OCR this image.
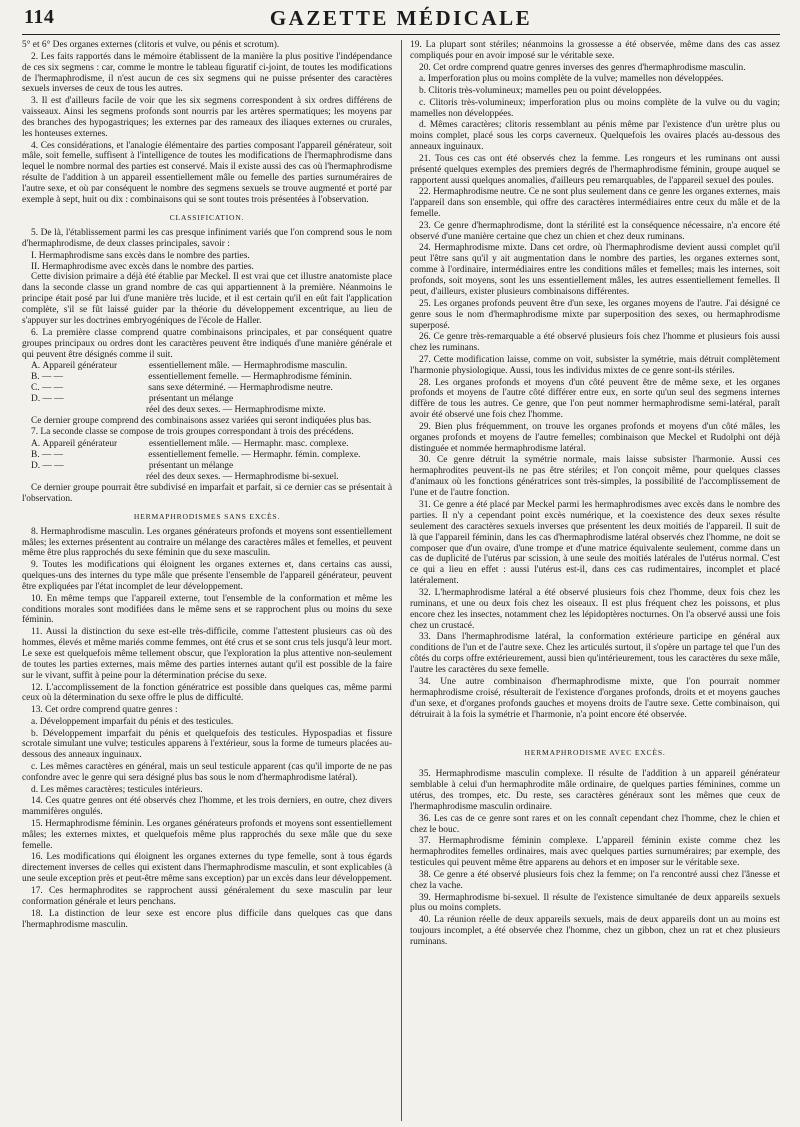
114	GAZETTE MÉDICALE

5° et 6° Des organes externes (clitoris et vulve, ou pénis et scrotum).

2. Les faits rapportés dans le mémoire établissent de la manière la plus positive l'indépendance de ces six segmens : car, comme le montre le tableau figuratif ci-joint, de toutes les modifications de l'hermaphrodisme, il n'est aucun de ces six segmens qui ne puisse présenter des caractères sexuels inverses de ceux de tous les autres.

3. Il est d'ailleurs facile de voir que les six segmens correspondent à six ordres différens de vaisseaux. Ainsi les segmens profonds sont nourris par les artères spermatiques; les moyens par des branches des hypogastriques; les externes par des rameaux des iliaques externes ou crurales, les honteuses externes.

4. Ces considérations, et l'analogie élémentaire des parties composant l'appareil générateur, soit mâle, soit femelle, suffisent à l'intelligence de toutes les modifications de l'hermaphrodisme dans lequel le nombre normal des parties est conservé. Mais il existe aussi des cas où l'hermaphrodisme résulte de l'addition à un appareil essentiellement mâle ou femelle des parties surnuméraires de l'autre sexe, et où par conséquent le nombre des segmens sexuels se trouve augmenté et porté par exemple à sept, huit ou dix : combinaisons qui se sont toutes trois présentées à l'observation.

CLASSIFICATION.

5. De là, l'établissement parmi les cas presque infiniment variés que l'on comprend sous le nom d'hermaphrodisme, de deux classes principales, savoir :

I. Hermaphrodisme sans excès dans le nombre des parties.

II. Hermaphrodisme avec excès dans le nombre des parties.

Cette division primaire a déjà été établie par Meckel. Il est vrai que cet illustre anatomiste place dans la seconde classe un grand nombre de cas qui appartiennent à la première. Néanmoins le principe était posé par lui d'une manière très lucide, et il est certain qu'il en eût fait l'application complète, s'il se fût laissé guider par la théorie du développement excentrique, au lieu de s'appuyer sur les doctrines embryogéniques de l'école de Haller.

6. La première classe comprend quatre combinaisons principales, et par conséquent quatre groupes principaux ou ordres dont les caractères peuvent être indiqués d'une manière générale et qui peuvent être désignés comme il suit.

A. Appareil générateur	essentiellement mâle. — Hermaphrodisme masculin.
B. — —	essentiellement femelle. — Hermaphrodisme féminin.
C. — —	sans sexe déterminé. — Hermaphrodisme neutre.
D. — —	présentant un mélange
réel des deux sexes. — Hermaphrodisme mixte.

Ce dernier groupe comprend des combinaisons assez variées qui seront indiquées plus bas.

7. La seconde classe se compose de trois groupes correspondant à trois des précédens.

A. Appareil générateur	essentiellement mâle. — Hermaphr. masc. complexe.
B. — —	essentiellement femelle. — Hermaphr. fémin. complexe.
D. — —	présentant un mélange
réel des deux sexes. — Hermaphrodisme bi-sexuel.

Ce dernier groupe pourrait être subdivisé en imparfait et parfait, si ce dernier cas se présentait à l'observation.

HERMAPHRODISMES SANS EXCÈS.

8. Hermaphrodisme masculin. Les organes générateurs profonds et moyens sont essentiellement mâles; les externes présentent au contraire un mélange des caractères mâles et femelles, et peuvent même être plus rapprochés du sexe féminin que du sexe masculin.

9. Toutes les modifications qui éloignent les organes externes et, dans certains cas aussi, quelques-uns des internes du type mâle que présente l'ensemble de l'appareil générateur, peuvent être expliquées par l'état incomplet de leur développement.

10. En même temps que l'appareil externe, tout l'ensemble de la conformation et même les conditions morales sont modifiées dans le même sens et se rapprochent plus ou moins du sexe féminin.

11. Aussi la distinction du sexe est-elle très-difficile, comme l'attestent plusieurs cas où des hommes, élevés et même mariés comme femmes, ont été crus et se sont crus tels jusqu'à leur mort. Le sexe est quelquefois même tellement obscur, que l'exploration la plus attentive non-seulement de toutes les parties externes, mais même des parties internes autant qu'il est possible de la faire sur le vivant, suffit à peine pour la détermination précise du sexe.

12. L'accomplissement de la fonction génératrice est possible dans quelques cas, même parmi ceux où la détermination du sexe offre le plus de difficulté.

13. Cet ordre comprend quatre genres :

a. Développement imparfait du pénis et des testicules.

b. Développement imparfait du pénis et quelquefois des testicules. Hypospadias et fissure scrotale simulant une vulve; testicules apparens à l'extérieur, sous la forme de tumeurs placées au-dessous des anneaux inguinaux.

c. Les mêmes caractères en général, mais un seul testicule apparent (cas qu'il importe de ne pas confondre avec le genre qui sera désigné plus bas sous le nom d'hermaphrodisme latéral).

d. Les mêmes caractères; testicules intérieurs.

14. Ces quatre genres ont été observés chez l'homme, et les trois derniers, en outre, chez divers mammifères ongulés.

15. Hermaphrodisme féminin. Les organes générateurs profonds et moyens sont essentiellement mâles; les externes mixtes, et quelquefois même plus rapprochés du sexe mâle que du sexe femelle.

16. Les modifications qui éloignent les organes externes du type femelle, sont à tous égards directement inverses de celles qui existent dans l'hermaphrodisme masculin, et sont explicables (à une seule exception près et peut-être même sans exception) par un excès dans leur développement.

17. Ces hermaphrodites se rapprochent aussi généralement du sexe masculin par leur conformation générale et leurs penchans.

18. La distinction de leur sexe est encore plus difficile dans quelques cas que dans l'hermaphrodisme masculin.

19. La plupart sont stériles; néanmoins la grossesse a été observée, même dans des cas assez compliqués pour en avoir imposé sur le véritable sexe.

20. Cet ordre comprend quatre genres inverses des genres d'hermaphrodisme masculin.

a. Imperforation plus ou moins complète de la vulve; mamelles non développées.

b. Clitoris très-volumineux; mamelles peu ou point développées.

c. Clitoris très-volumineux; imperforation plus ou moins complète de la vulve ou du vagin; mamelles non développées.

d. Mêmes caractères; clitoris ressemblant au pénis même par l'existence d'un urètre plus ou moins complet, placé sous les corps caverneux. Quelquefois les ovaires placés au-dessous des anneaux inguinaux.

21. Tous ces cas ont été observés chez la femme. Les rongeurs et les ruminans ont aussi présenté quelques exemples des premiers degrés de l'hermaphrodisme féminin, groupe auquel se rapportent aussi quelques anomalies, d'ailleurs peu remarquables, de l'appareil sexuel des poules.

22. Hermaphrodisme neutre. Ce ne sont plus seulement dans ce genre les organes externes, mais l'appareil dans son ensemble, qui offre des caractères intermédiaires entre ceux du mâle et de la femelle.

23. Ce genre d'hermaphrodisme, dont la stérilité est la conséquence nécessaire, n'a encore été observé d'une manière certaine que chez un chien et chez deux ruminans.

24. Hermaphrodisme mixte. Dans cet ordre, où l'hermaphrodisme devient aussi complet qu'il peut l'être sans qu'il y ait augmentation dans le nombre des parties, les organes externes sont, comme à l'ordinaire, intermédiaires entre les conditions mâles et femelles; mais les internes, soit profonds, soit moyens, sont les uns essentiellement mâles, les autres essentiellement femelles. Il peut, d'ailleurs, exister plusieurs combinaisons différentes.

25. Les organes profonds peuvent être d'un sexe, les organes moyens de l'autre. J'ai désigné ce genre sous le nom d'hermaphrodisme mixte par superposition des sexes, ou hermaphrodisme superposé.

26. Ce genre très-remarquable a été observé plusieurs fois chez l'homme et plusieurs fois aussi chez les ruminans.

27. Cette modification laisse, comme on voit, subsister la symétrie, mais détruit complètement l'harmonie physiologique. Aussi, tous les individus mixtes de ce genre sont-ils stériles.

28. Les organes profonds et moyens d'un côté peuvent être de même sexe, et les organes profonds et moyens de l'autre côté différer entre eux, en sorte qu'un seul des segmens internes diffère de tous les autres. Ce genre, que l'on peut nommer hermaphrodisme semi-latéral, paraît avoir été observé une fois chez l'homme.

29. Bien plus fréquemment, on trouve les organes profonds et moyens d'un côté mâles, les organes profonds et moyens de l'autre femelles; combinaison que Meckel et Rudolphi ont déjà distinguée et nommée hermaphrodisme latéral.

30. Ce genre détruit la symétrie normale, mais laisse subsister l'harmonie. Aussi ces hermaphrodites peuvent-ils ne pas être stériles; et l'on conçoit même, pour quelques classes d'animaux où les fonctions génératrices sont très-simples, la possibilité de l'accomplissement de l'une et de l'autre fonction.

31. Ce genre a été placé par Meckel parmi les hermaphrodismes avec excès dans le nombre des parties. Il n'y a cependant point excès numérique, et la coexistence des deux sexes résulte seulement des caractères sexuels inverses que présentent les deux moitiés de l'appareil. Il suit de là que l'appareil féminin, dans les cas d'hermaphrodisme latéral observés chez l'homme, ne doit se composer que d'un ovaire, d'une trompe et d'une matrice équivalente seulement, comme dans un cas de duplicité de l'utérus par scission, à une seule des moitiés latérales de l'utérus normal. C'est ce qui a lieu en effet : aussi l'utérus est-il, dans ces cas rudimentaires, incomplet et placé latéralement.

32. L'hermaphrodisme latéral a été observé plusieurs fois chez l'homme, deux fois chez les ruminans, et une ou deux fois chez les oiseaux. Il est plus fréquent chez les poissons, et plus encore chez les insectes, notamment chez les lépidoptères nocturnes. On l'a observé aussi une fois chez un crustacé.

33. Dans l'hermaphrodisme latéral, la conformation extérieure participe en général aux conditions de l'un et de l'autre sexe. Chez les articulés surtout, il s'opère un partage tel que l'un des côtés du corps offre extérieurement, aussi bien qu'intérieurement, tous les caractères du sexe mâle, l'autre les caractères du sexe femelle.

34. Une autre combinaison d'hermaphrodisme mixte, que l'on pourrait nommer hermaphrodisme croisé, résulterait de l'existence d'organes profonds, droits et et moyens gauches d'un sexe, et d'organes profonds gauches et moyens droits de l'autre sexe. Cette combinaison, qui détruirait à la fois la symétrie et l'harmonie, n'a point encore été observée.

HERMAPHRODISME AVEC EXCÈS.

35. Hermaphrodisme masculin complexe. Il résulte de l'addition à un appareil générateur semblable à celui d'un hermaphrodite mâle ordinaire, de quelques parties féminines, comme un utérus, des trompes, etc. Du reste, ses caractères généraux sont les mêmes que ceux de l'hermaphrodisme masculin ordinaire.

36. Les cas de ce genre sont rares et on les connaît cependant chez l'homme, chez le chien et chez le bouc.

37. Hermaphrodisme féminin complexe. L'appareil féminin existe comme chez les hermaphrodites femelles ordinaires, mais avec quelques parties surnuméraires; par exemple, des testicules qui peuvent même être apparens au dehors et en imposer sur le véritable sexe.

38. Ce genre a été observé plusieurs fois chez la femme; on l'a rencontré aussi chez l'ânesse et chez la vache.

39. Hermaphrodisme bi-sexuel. Il résulte de l'existence simultanée de deux appareils sexuels plus ou moins complets.

40. La réunion réelle de deux appareils sexuels, mais de deux appareils dont un au moins est toujours incomplet, a été observée chez l'homme, chez un gibbon, chez un rat et chez plusieurs ruminans.
